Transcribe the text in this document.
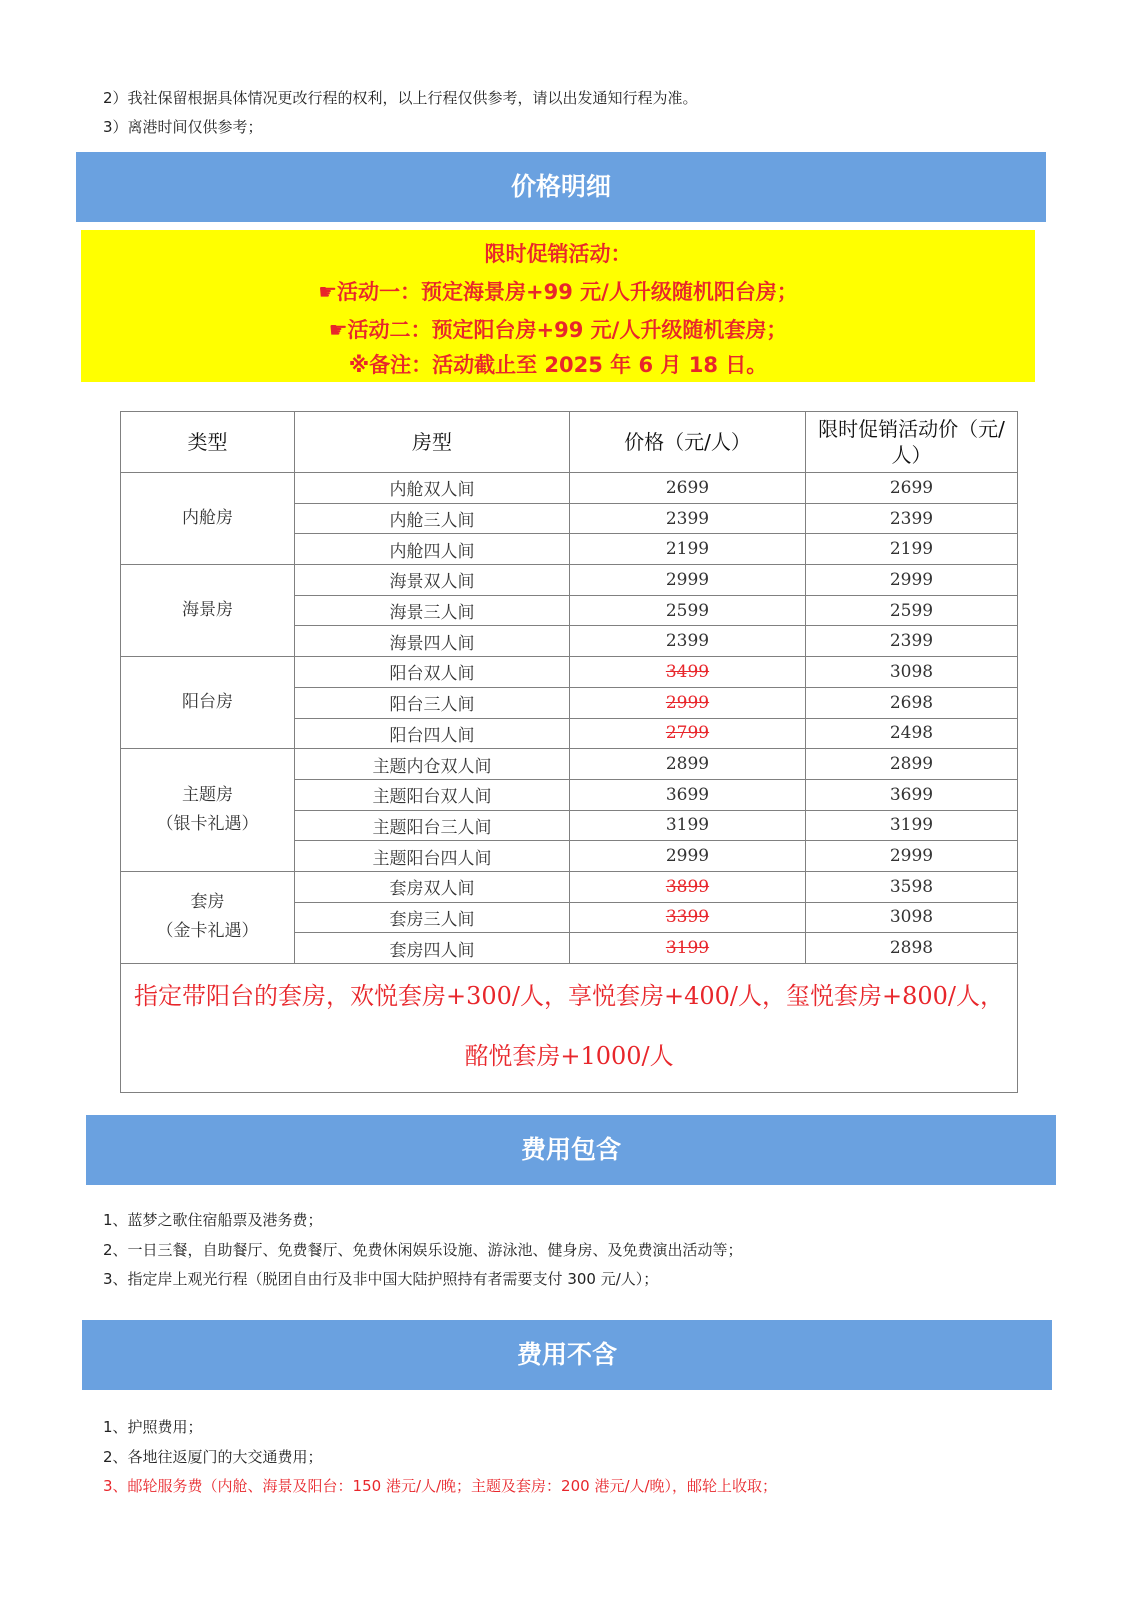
2）我社保留根据具体情况更改行程的权利，以上行程仅供参考，请以出发通知行程为准。
3）离港时间仅供参考；
价格明细
限时促销活动：
☛活动一：预定海景房+99 元/人升级随机阳台房；
☛活动二：预定阳台房+99 元/人升级随机套房；
※备注：活动截止至 2025 年 6 月 18 日。
类型	房型	价格（元/人）	限时促销活动价（元/人）

内舱房	内舱双人间	2699	2699
	内舱三人间	2399	2399
	内舱四人间	2199	2199

海景房	海景双人间	2999	2999
	海景三人间	2599	2599
	海景四人间	2399	2399

阳台房	阳台双人间	3499	3098
	阳台三人间	2999	2698
	阳台四人间	2799	2498

主题房
（银卡礼遇）	主题内仓双人间	2899	2899
	主题阳台双人间	3699	3699
	主题阳台三人间	3199	3199
	主题阳台四人间	2999	2999

套房
（金卡礼遇）	套房双人间	3899	3598
	套房三人间	3399	3098
	套房四人间	3199	2898
指定带阳台的套房，欢悦套房+300/人，享悦套房+400/人，玺悦套房+800/人，酩悦套房+1000/人			
费用包含
1、蓝梦之歌住宿船票及港务费；
2、一日三餐，自助餐厅、免费餐厅、免费休闲娱乐设施、游泳池、健身房、及免费演出活动等；
3、指定岸上观光行程（脱团自由行及非中国大陆护照持有者需要支付 300 元/人）；
费用不含
1、护照费用；
2、各地往返厦门的大交通费用；
3、邮轮服务费（内舱、海景及阳台：150 港元/人/晚；主题及套房：200 港元/人/晚），邮轮上收取；
